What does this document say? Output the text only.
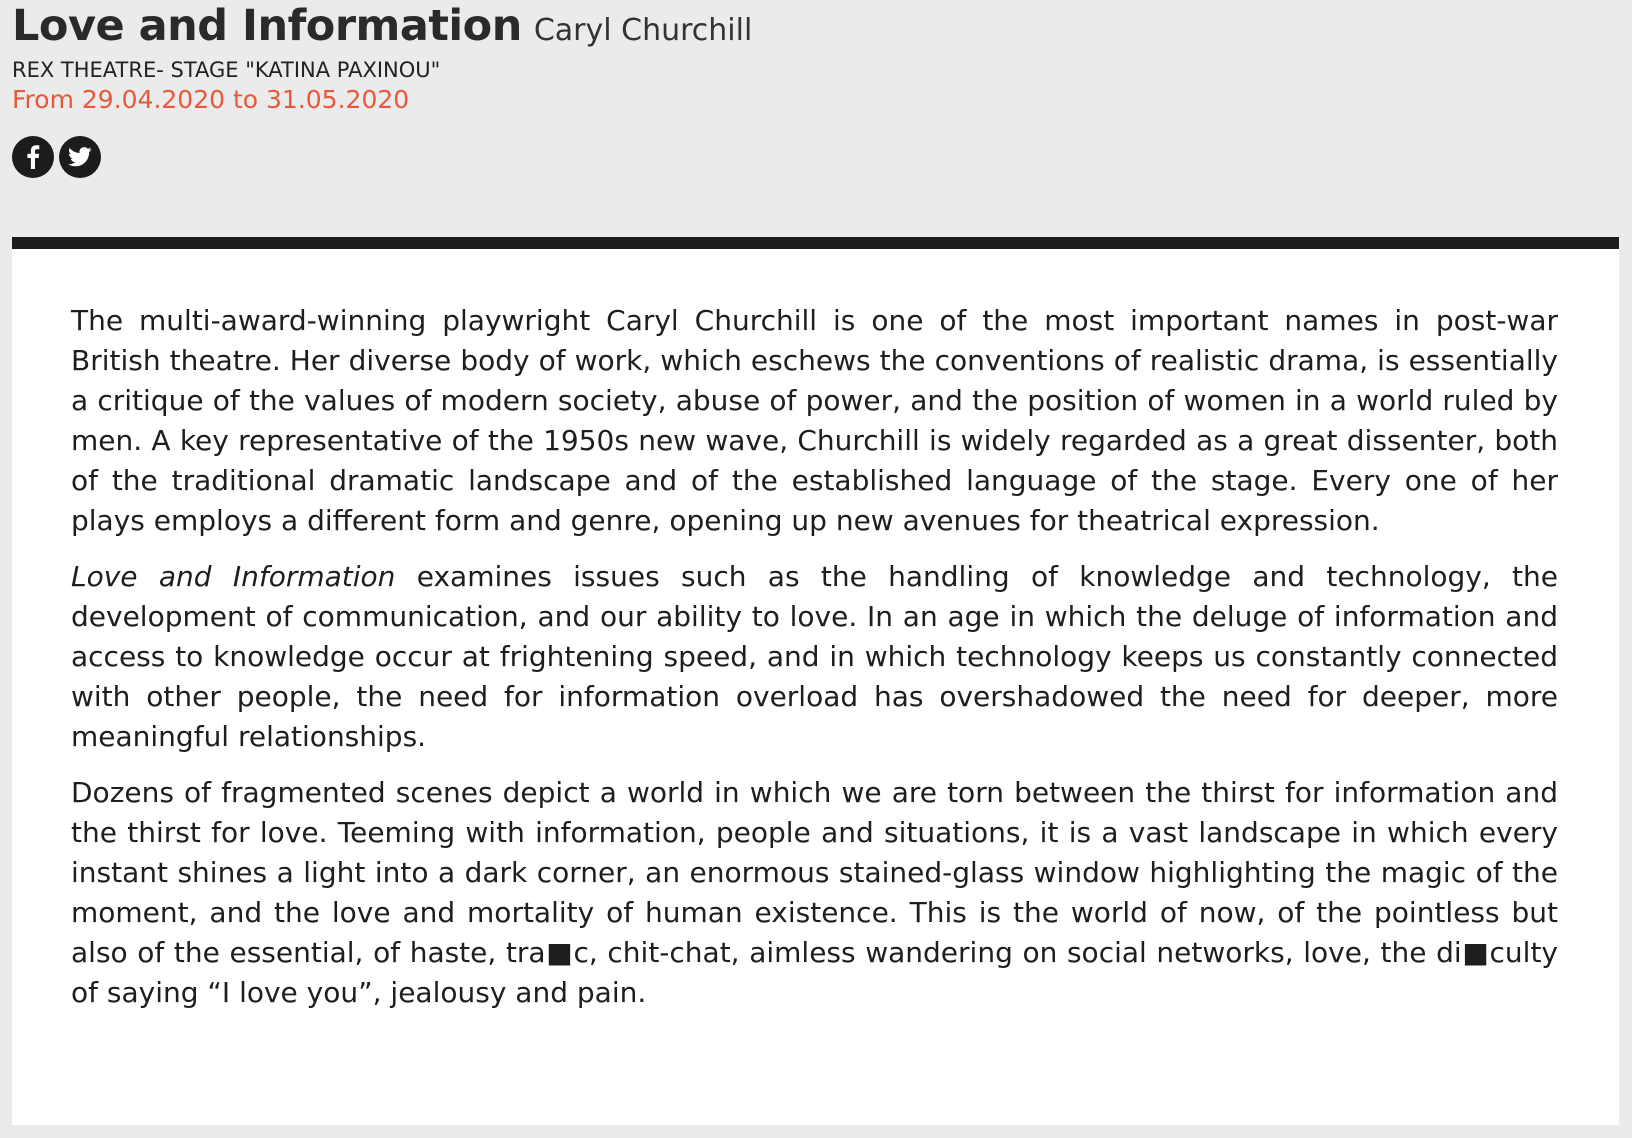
Love and Information Caryl Churchill
REX THEATRE- STAGE "KATINA PAXINOU"
From 29.04.2020 to 31.05.2020

The multi-award-winning playwright Caryl Churchill is one of the most important names in post-war British theatre. Her diverse body of work, which eschews the conventions of realistic drama, is essentially a critique of the values of modern society, abuse of power, and the position of women in a world ruled by men. A key representative of the 1950s new wave, Churchill is widely regarded as a great dissenter, both of the traditional dramatic landscape and of the established language of the stage. Every one of her plays employs a different form and genre, opening up new avenues for theatrical expression.

Love and Information examines issues such as the handling of knowledge and technology, the development of communication, and our ability to love. In an age in which the deluge of information and access to knowledge occur at frightening speed, and in which technology keeps us constantly connected with other people, the need for information overload has overshadowed the need for deeper, more meaningful relationships.

Dozens of fragmented scenes depict a world in which we are torn between the thirst for information and the thirst for love. Teeming with information, people and situations, it is a vast landscape in which every instant shines a light into a dark corner, an enormous stained-glass window highlighting the magic of the moment, and the love and mortality of human existence. This is the world of now, of the pointless but also of the essential, of haste, tra■c, chit-chat, aimless wandering on social networks, love, the di■culty of saying “I love you”, jealousy and pain.
